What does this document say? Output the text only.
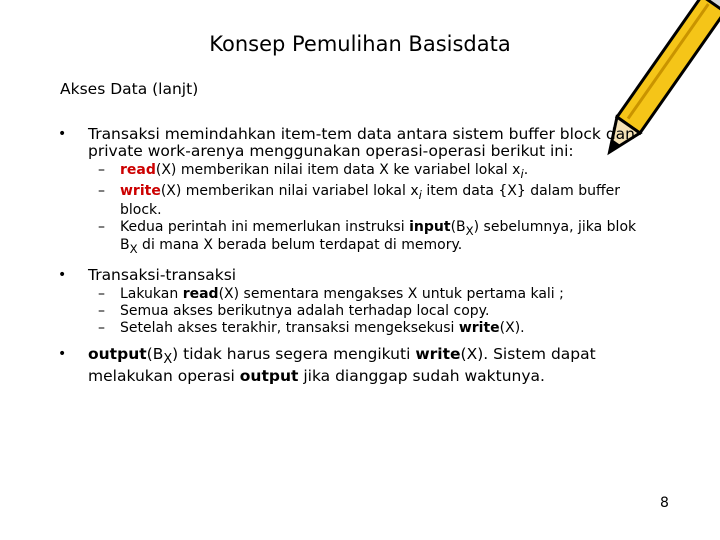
Konsep Pemulihan Basisdata
Akses Data (lanjt)
• Transaksi memindahkan item-tem data antara sistem buffer block dan private work-arenya menggunakan operasi-operasi berikut ini:
– read(X) memberikan nilai item data X ke variabel lokal $x_i$.
– write(X) memberikan nilai variabel lokal $x_i$ item data {X} dalam buffer block.
– Kedua perintah ini memerlukan instruksi $input(B_X)$ sebelumnya, jika blok $B_X$ di mana X berada belum terdapat di memory.
• Transaksi-transaksi
– Lakukan read(X) sementara mengakses X untuk pertama kali ;
– Semua akses berikutnya adalah terhadap local copy.
– Setelah akses terakhir, transaksi mengeksekusi write(X).
• $output(B_X)$ tidak harus segera mengikuti write(X). Sistem dapat melakukan operasi output jika dianggap sudah waktunya.
8
